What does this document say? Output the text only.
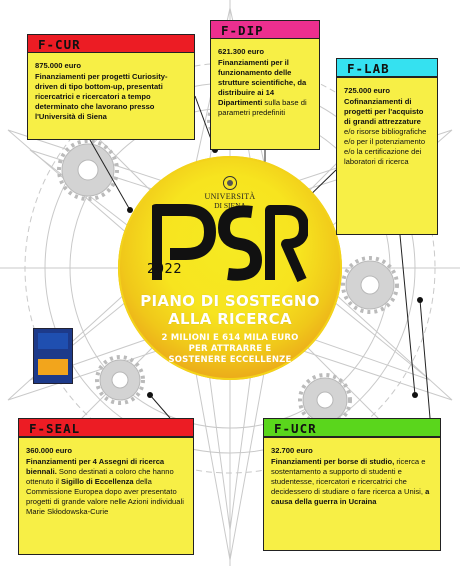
UNIVERSITÀ
DI SIENA
1240
2022
PIANO DI SOSTEGNO
ALLA RICERCA
2 MILIONI E 614 MILA EURO
PER ATTRARRE E
SOSTENERE ECCELLENZE
F-CUR
875.000 euro
Finanziamenti per progetti Curiosity-driven di tipo bottom-up, presentati ricercatrici e ricercatori a tempo determinato che lavorano presso l'Università di Siena
F-DIP
621.300 euro
Finanziamenti per il funzionamento delle strutture scientifiche, da distribuire ai 14 Dipartimenti sulla base di parametri predefiniti
F-LAB
725.000 euro
Cofinanziamenti di progetti per l'acquisto di grandi attrezzature e/o risorse bibliografiche e/o per il potenziamento e/o la certificazione dei laboratori di ricerca
F-SEAL
360.000 euro
Finanziamenti per 4 Assegni di ricerca biennali. Sono destinati a coloro che hanno ottenuto il Sigillo di Eccellenza della Commissione Europea dopo aver presentato progetti di grande valore nelle Azioni individuali Marie Skłodowska-Curie
F-UCR
32.700 euro
Finanziamenti per borse di studio, ricerca e sostentamento a supporto di studenti e studentesse, ricercatori e ricercatrici che decidessero di studiare o fare ricerca a Unisi, a causa della guerra in Ucraina
